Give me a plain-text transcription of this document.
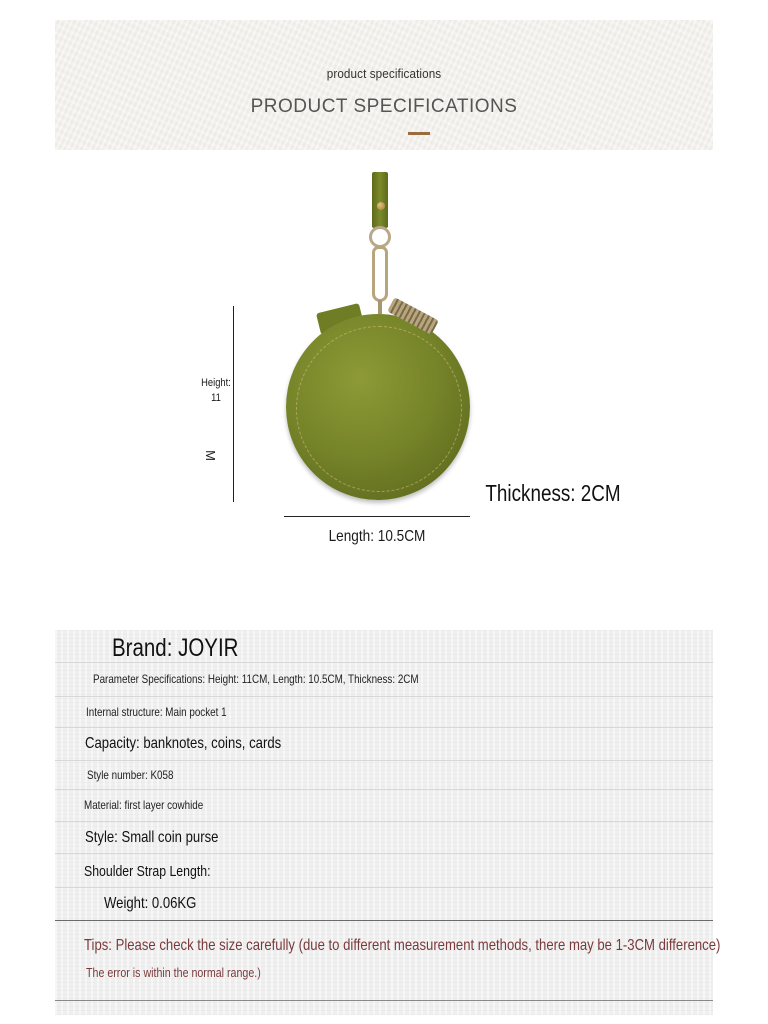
product specifications
PRODUCT SPECIFICATIONS
Height:
11
M
Length: 10.5CM
Thickness: 2CM
Brand: JOYIR
Parameter Specifications: Height: 11CM, Length: 10.5CM, Thickness: 2CM
Internal structure: Main pocket 1
Capacity: banknotes, coins, cards
Style number: K058
Material: first layer cowhide
Style: Small coin purse
Shoulder Strap Length:
Weight: 0.06KG
Tips: Please check the size carefully (due to different measurement methods, there may be 1-3CM difference)
The error is within the normal range.)
